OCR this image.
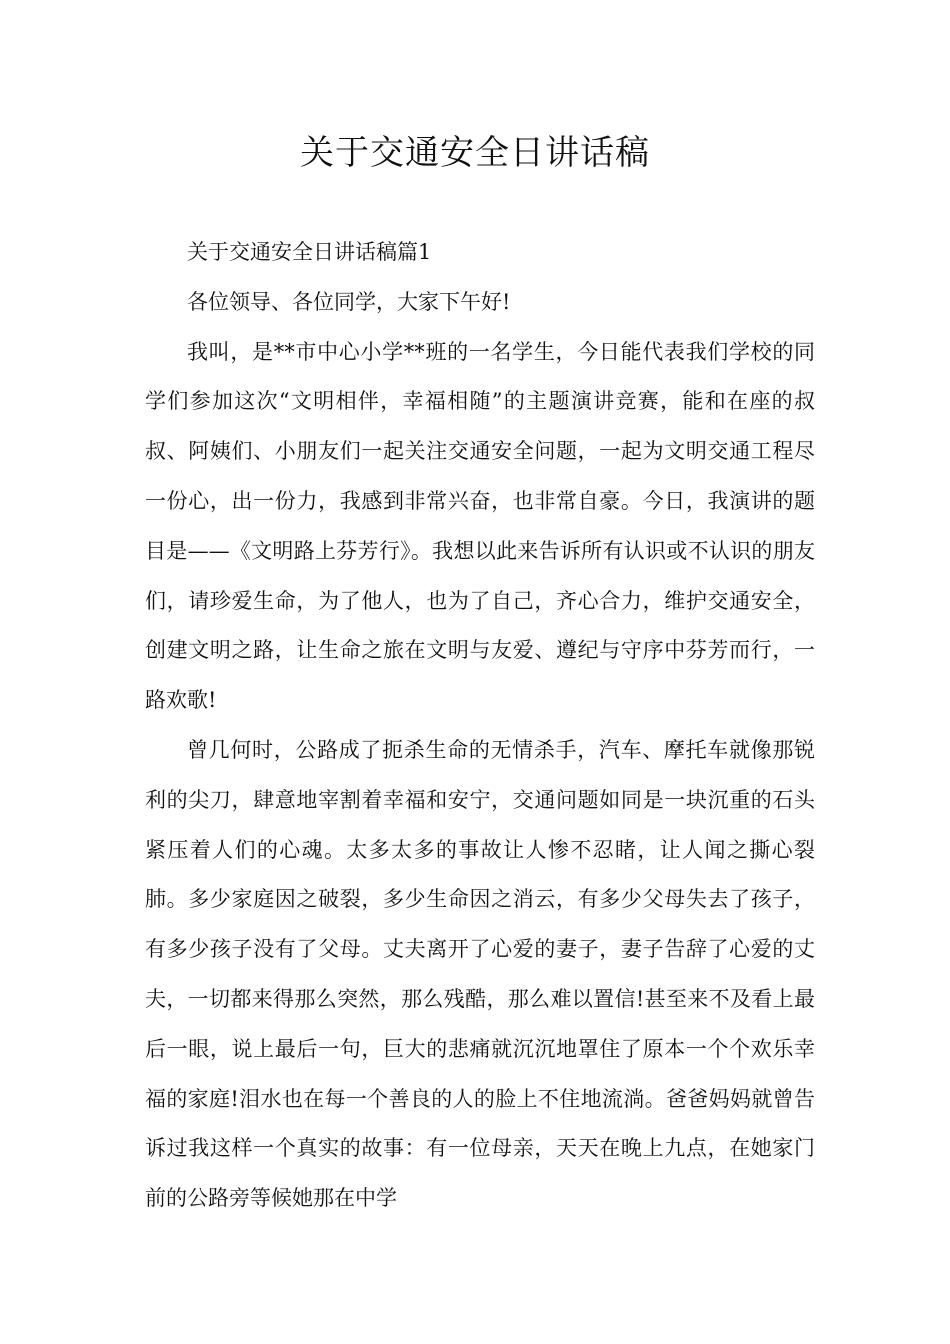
关于交通安全日讲话稿

关于交通安全日讲话稿篇1

各位领导、各位同学，大家下午好!

我叫，是**市中心小学**班的一名学生，今日能代表我们学校的同学们参加这次“文明相伴，幸福相随”的主题演讲竞赛，能和在座的叔叔、阿姨们、小朋友们一起关注交通安全问题，一起为文明交通工程尽一份心，出一份力，我感到非常兴奋，也非常自豪。今日，我演讲的题目是——《文明路上芬芳行》。我想以此来告诉所有认识或不认识的朋友们，请珍爱生命，为了他人，也为了自己，齐心合力，维护交通安全，创建文明之路，让生命之旅在文明与友爱、遵纪与守序中芬芳而行，一路欢歌!

曾几何时，公路成了扼杀生命的无情杀手，汽车、摩托车就像那锐利的尖刀，肆意地宰割着幸福和安宁，交通问题如同是一块沉重的石头紧压着人们的心魂。太多太多的事故让人惨不忍睹，让人闻之撕心裂肺。多少家庭因之破裂，多少生命因之消云，有多少父母失去了孩子，有多少孩子没有了父母。丈夫离开了心爱的妻子，妻子告辞了心爱的丈夫，一切都来得那么突然，那么残酷，那么难以置信!甚至来不及看上最后一眼，说上最后一句，巨大的悲痛就沉沉地罩住了原本一个个欢乐幸福的家庭!泪水也在每一个善良的人的脸上不住地流淌。爸爸妈妈就曾告诉过我这样一个真实的故事：有一位母亲，天天在晚上九点，在她家门前的公路旁等候她那在中学
